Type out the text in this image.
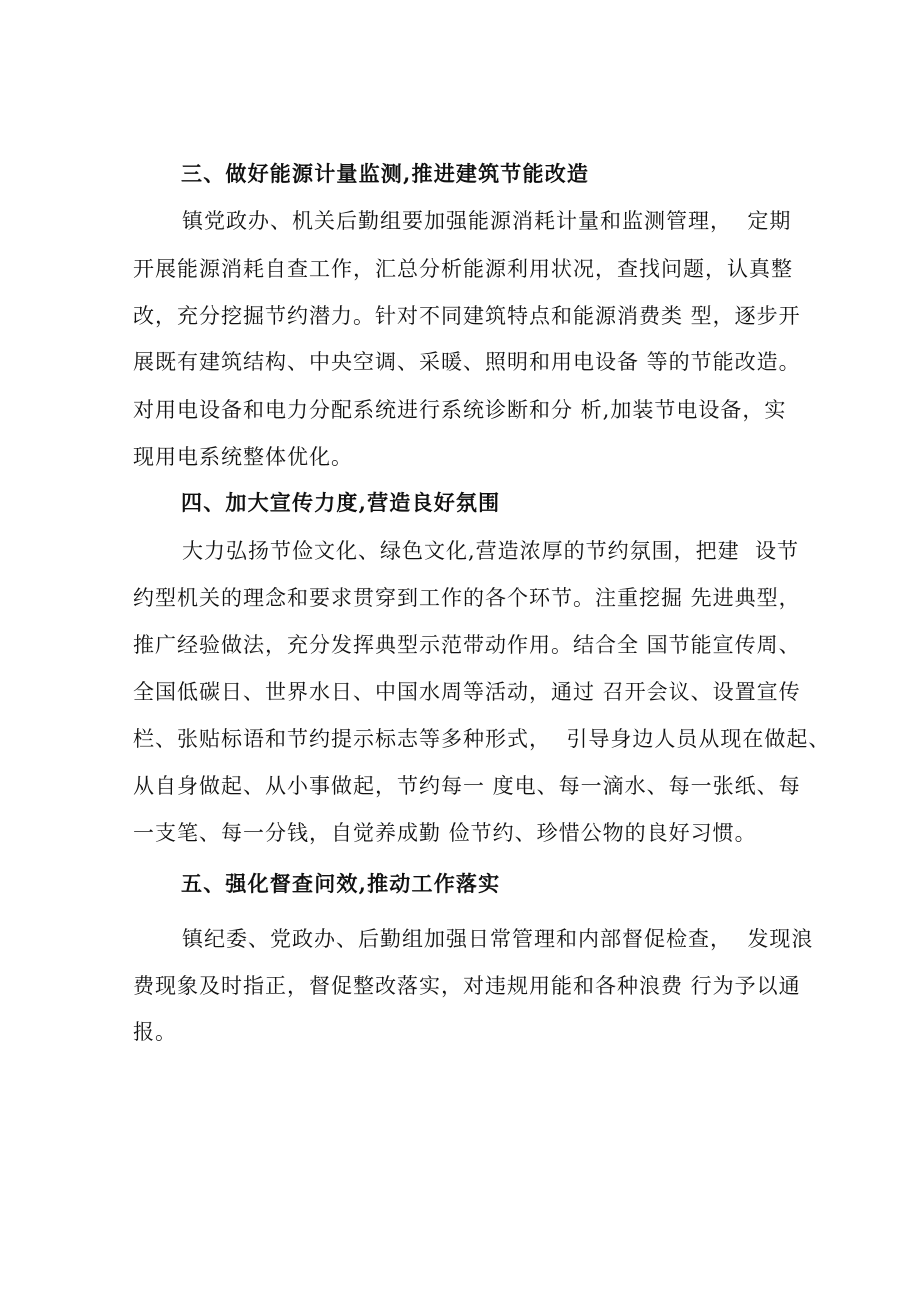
三、做好能源计量监测,推进建筑节能改造
镇党政办、机关后勤组要加强能源消耗计量和监测管理，  定期
开展能源消耗自查工作，汇总分析能源利用状况，查找问题，认真整
改，充分挖掘节约潜力。针对不同建筑特点和能源消费类 型，逐步开
展既有建筑结构、中央空调、采暖、照明和用电设备 等的节能改造。
对用电设备和电力分配系统进行系统诊断和分 析,加装节电设备，实
现用电系统整体优化。
四、加大宣传力度,营造良好氛围
大力弘扬节俭文化、绿色文化,营造浓厚的节约氛围，把建  设节
约型机关的理念和要求贯穿到工作的各个环节。注重挖掘 先进典型，
推广经验做法，充分发挥典型示范带动作用。结合全 国节能宣传周、
全国低碳日、世界水日、中国水周等活动，通过 召开会议、设置宣传
栏、张贴标语和节约提示标志等多种形式，  引导身边人员从现在做起、
从自身做起、从小事做起，节约每一 度电、每一滴水、每一张纸、每
一支笔、每一分钱，自觉养成勤 俭节约、珍惜公物的良好习惯。
五、强化督查问效,推动工作落实
镇纪委、党政办、后勤组加强日常管理和内部督促检查，  发现浪
费现象及时指正，督促整改落实，对违规用能和各种浪费 行为予以通
报。
